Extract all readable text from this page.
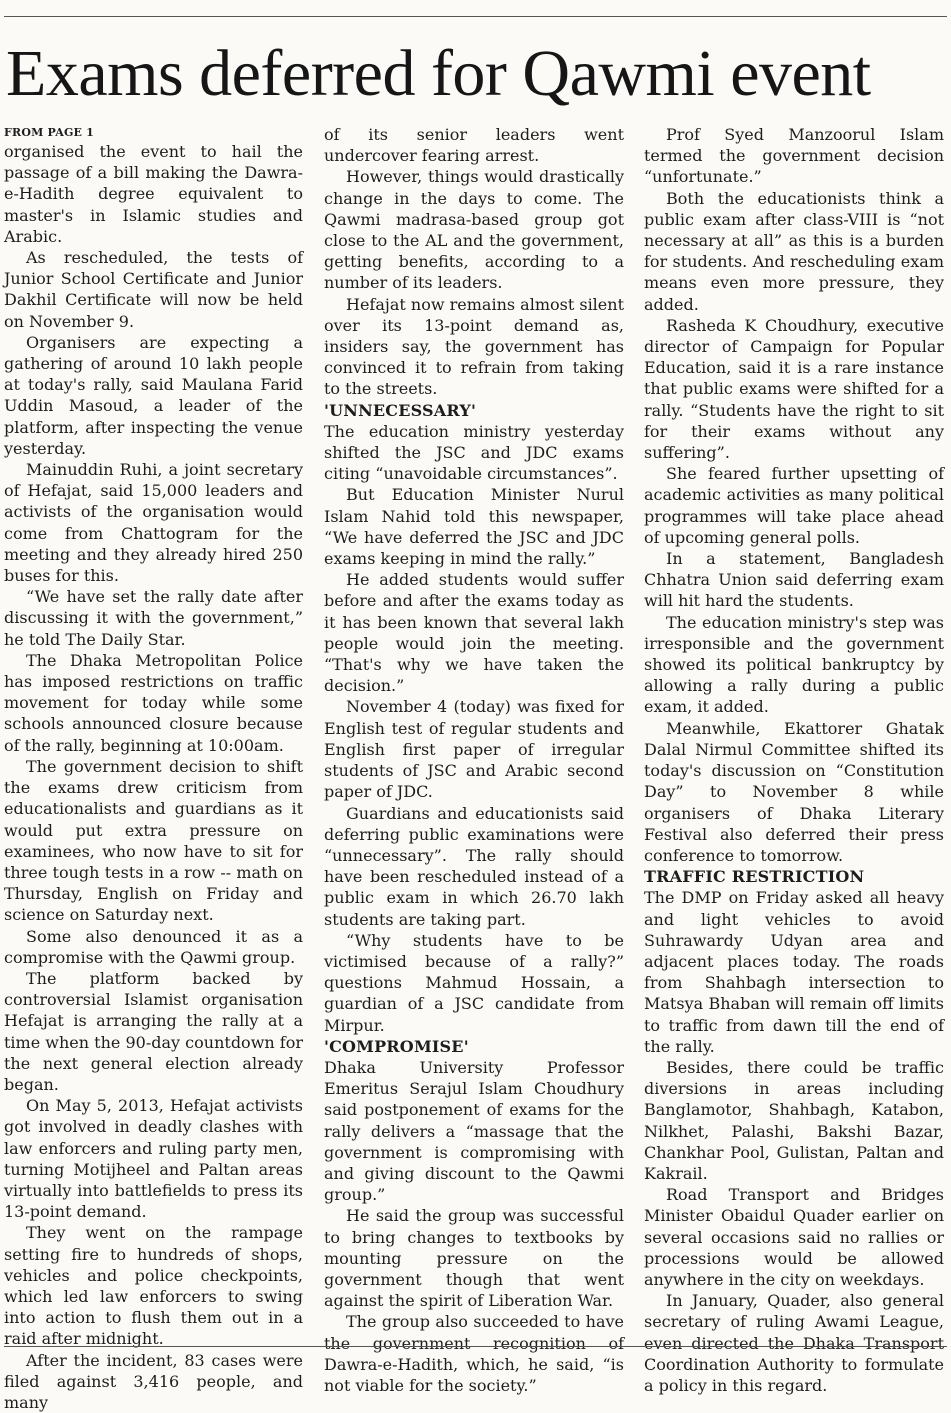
Exams deferred for Qawmi event
FROM PAGE 1

organised the event to hail the passage of a bill making the Dawra-e-Hadith degree equivalent to master's in Islamic studies and Arabic.

As rescheduled, the tests of Junior School Certificate and Junior Dakhil Certificate will now be held on November 9.

Organisers are expecting a gathering of around 10 lakh people at today's rally, said Maulana Farid Uddin Masoud, a leader of the platform, after inspecting the venue yesterday.

Mainuddin Ruhi, a joint secretary of Hefajat, said 15,000 leaders and activists of the organisation would come from Chattogram for the meeting and they already hired 250 buses for this.

“We have set the rally date after discussing it with the government,” he told The Daily Star.

The Dhaka Metropolitan Police has imposed restrictions on traffic movement for today while some schools announced closure because of the rally, beginning at 10:00am.

The government decision to shift the exams drew criticism from educationalists and guardians as it would put extra pressure on examinees, who now have to sit for three tough tests in a row -- math on Thursday, English on Friday and science on Saturday next.

Some also denounced it as a compromise with the Qawmi group.

The platform backed by controversial Islamist organisation Hefajat is arranging the rally at a time when the 90-day countdown for the next general election already began.

On May 5, 2013, Hefajat activists got involved in deadly clashes with law enforcers and ruling party men, turning Motijheel and Paltan areas virtually into battlefields to press its 13-point demand.

They went on the rampage setting fire to hundreds of shops, vehicles and police checkpoints, which led law enforcers to swing into action to flush them out in a raid after midnight.

After the incident, 83 cases were filed against 3,416 people, and many

of its senior leaders went undercover fearing arrest.

However, things would drastically change in the days to come. The Qawmi madrasa-based group got close to the AL and the government, getting benefits, according to a number of its leaders.

Hefajat now remains almost silent over its 13-point demand as, insiders say, the government has convinced it to refrain from taking to the streets.

'UNNECESSARY'

The education ministry yesterday shifted the JSC and JDC exams citing “unavoidable circumstances”.

But Education Minister Nurul Islam Nahid told this newspaper, “We have deferred the JSC and JDC exams keeping in mind the rally.”

He added students would suffer before and after the exams today as it has been known that several lakh people would join the meeting. “That's why we have taken the decision.”

November 4 (today) was fixed for English test of regular students and English first paper of irregular students of JSC and Arabic second paper of JDC.

Guardians and educationists said deferring public examinations were “unnecessary”. The rally should have been rescheduled instead of a public exam in which 26.70 lakh students are taking part.

“Why students have to be victimised because of a rally?” questions Mahmud Hossain, a guardian of a JSC candidate from Mirpur.

'COMPROMISE'

Dhaka University Professor Emeritus Serajul Islam Choudhury said postponement of exams for the rally delivers a “massage that the government is compromising with and giving discount to the Qawmi group.”

He said the group was successful to bring changes to textbooks by mounting pressure on the government though that went against the spirit of Liberation War.

The group also succeeded to have the government recognition of Dawra-e-Hadith, which, he said, “is not viable for the society.”

Prof Syed Manzoorul Islam termed the government decision “unfortunate.”

Both the educationists think a public exam after class-VIII is “not necessary at all” as this is a burden for students. And rescheduling exam means even more pressure, they added.

Rasheda K Choudhury, executive director of Campaign for Popular Education, said it is a rare instance that public exams were shifted for a rally. “Students have the right to sit for their exams without any suffering”.

She feared further upsetting of academic activities as many political programmes will take place ahead of upcoming general polls.

In a statement, Bangladesh Chhatra Union said deferring exam will hit hard the students.

The education ministry's step was irresponsible and the government showed its political bankruptcy by allowing a rally during a public exam, it added.

Meanwhile, Ekattorer Ghatak Dalal Nirmul Committee shifted its today's discussion on “Constitution Day” to November 8 while organisers of Dhaka Literary Festival also deferred their press conference to tomorrow.

TRAFFIC RESTRICTION

The DMP on Friday asked all heavy and light vehicles to avoid Suhrawardy Udyan area and adjacent places today. The roads from Shahbagh intersection to Matsya Bhaban will remain off limits to traffic from dawn till the end of the rally.

Besides, there could be traffic diversions in areas including Banglamotor, Shahbagh, Katabon, Nilkhet, Palashi, Bakshi Bazar, Chankhar Pool, Gulistan, Paltan and Kakrail.

Road Transport and Bridges Minister Obaidul Quader earlier on several occasions said no rallies or processions would be allowed anywhere in the city on weekdays.

In January, Quader, also general secretary of ruling Awami League, even directed the Dhaka Transport Coordination Authority to formulate a policy in this regard.
